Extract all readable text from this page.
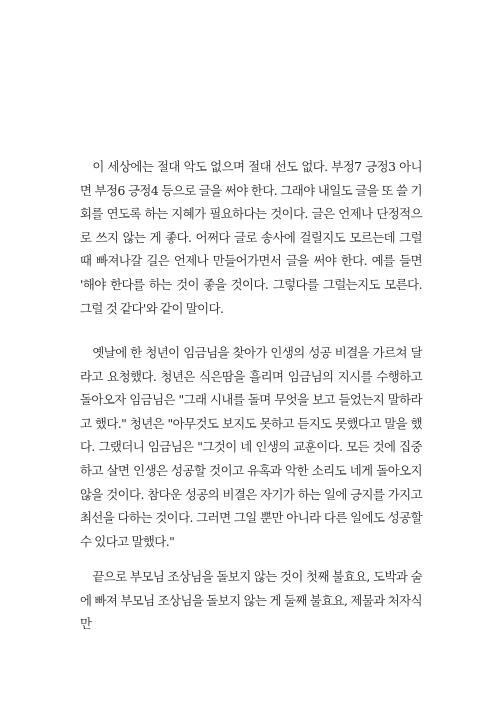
이 세상에는 절대 악도 없으며 절대 선도 없다. 부정7 긍정3 아니면 부정6 긍정4 등으로 글을 써야 한다. 그래야 내일도 글을 또 쓸 기회를 연도록 하는 지혜가 필요하다는 것이다. 글은 언제나 단정적으로 쓰지 않는 게 좋다. 어쩌다 글로 송사에 걸릴지도 모르는데 그럴 때 빠져나갈 길은 언제나 만들어가면서 글을 써야 한다. 예를 들면 '해야 한다를 하는 것이 좋을 것이다. 그렇다를 그럴는지도 모른다. 그럴 것 같다'와 같이 말이다.

옛날에 한 청년이 임금님을 찾아가 인생의 성공 비결을 가르쳐 달라고 요청했다. 청년은 식은땀을 흘리며 임금님의 지시를 수행하고 돌아오자 임금님은 "그래 시내를 돌며 무엇을 보고 들었는지 말하라고 했다." 청년은 "아무것도 보지도 못하고 듣지도 못했다고 말을 했다. 그랬더니 임금님은 "그것이 네 인생의 교훈이다. 모든 것에 집중하고 살면 인생은 성공할 것이고 유혹과 악한 소리도 네게 돌아오지 않을 것이다. 참다운 성공의 비결은 자기가 하는 일에 긍지를 가지고 최선을 다하는 것이다. 그러면 그일 뿐만 아니라 다른 일에도 성공할 수 있다고 말했다."

끝으로 부모님 조상님을 돌보지 않는 것이 첫째 불효요, 도박과 술에 빠져 부모님 조상님을 돌보지 않는 게 둘째 불효요, 제물과 처자식만
